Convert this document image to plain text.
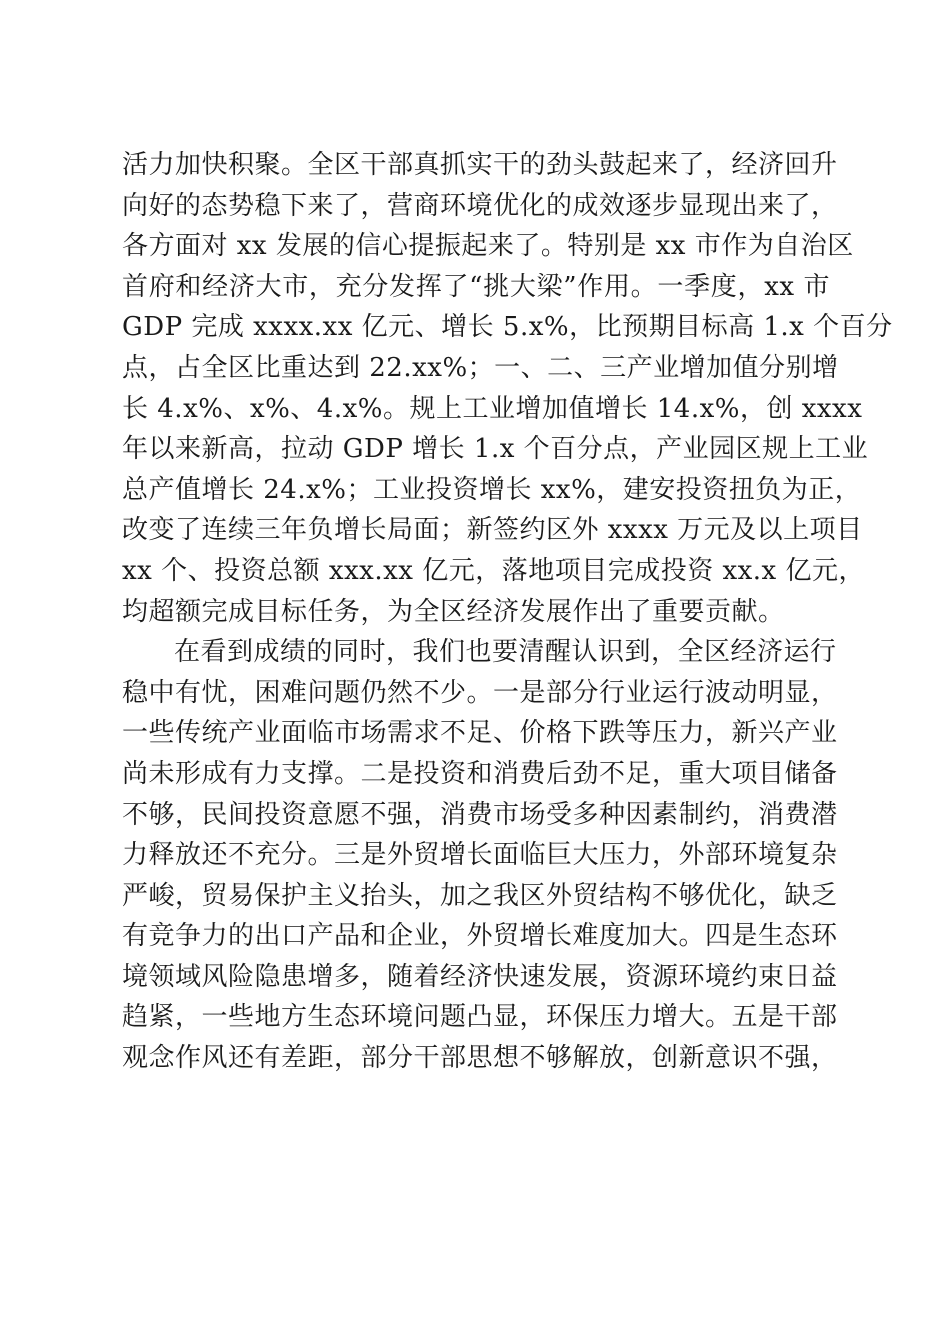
活力加快积聚。全区干部真抓实干的劲头鼓起来了，经济回升
向好的态势稳下来了，营商环境优化的成效逐步显现出来了，
各方面对 xx 发展的信心提振起来了。特别是 xx 市作为自治区
首府和经济大市，充分发挥了“挑大梁”作用。一季度，xx 市
GDP 完成 xxxx.xx 亿元、增长 5.x%，比预期目标高 1.x 个百分
点，占全区比重达到 22.xx%；一、二、三产业增加值分别增
长 4.x%、x%、4.x%。规上工业增加值增长 14.x%，创 xxxx
年以来新高，拉动 GDP 增长 1.x 个百分点，产业园区规上工业
总产值增长 24.x%；工业投资增长 xx%，建安投资扭负为正，
改变了连续三年负增长局面；新签约区外 xxxx 万元及以上项目
xx 个、投资总额 xxx.xx 亿元，落地项目完成投资 xx.x 亿元，
均超额完成目标任务，为全区经济发展作出了重要贡献。
在看到成绩的同时，我们也要清醒认识到，全区经济运行
稳中有忧，困难问题仍然不少。一是部分行业运行波动明显，
一些传统产业面临市场需求不足、价格下跌等压力，新兴产业
尚未形成有力支撑。二是投资和消费后劲不足，重大项目储备
不够，民间投资意愿不强，消费市场受多种因素制约，消费潜
力释放还不充分。三是外贸增长面临巨大压力，外部环境复杂
严峻，贸易保护主义抬头，加之我区外贸结构不够优化，缺乏
有竞争力的出口产品和企业，外贸增长难度加大。四是生态环
境领域风险隐患增多，随着经济快速发展，资源环境约束日益
趋紧，一些地方生态环境问题凸显，环保压力增大。五是干部
观念作风还有差距，部分干部思想不够解放，创新意识不强，
